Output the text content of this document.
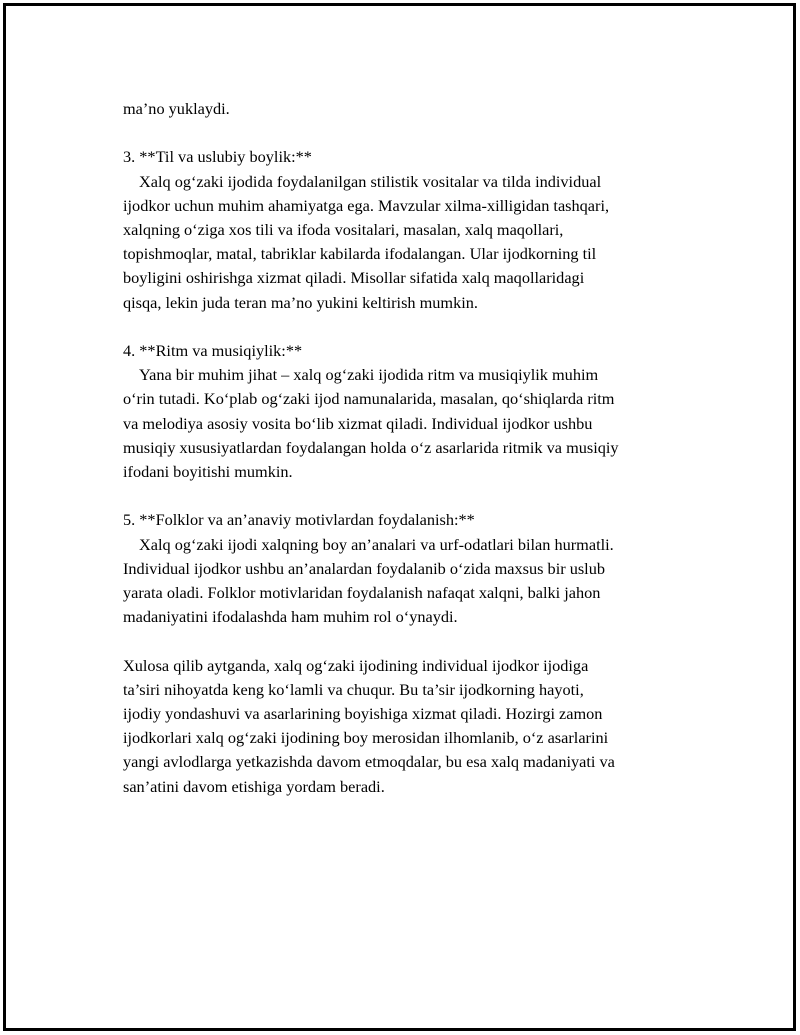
ma’no yuklaydi.
3. **Til va uslubiy boylik:**
Xalq og‘zaki ijodida foydalanilgan stilistik vositalar va tilda individual
ijodkor uchun muhim ahamiyatga ega. Mavzular xilma-xilligidan tashqari,
xalqning o‘ziga xos tili va ifoda vositalari, masalan, xalq maqollari,
topishmoqlar, matal, tabriklar kabilarda ifodalangan. Ular ijodkorning til
boyligini oshirishga xizmat qiladi. Misollar sifatida xalq maqollaridagi
qisqa, lekin juda teran ma’no yukini keltirish mumkin.
4. **Ritm va musiqiylik:**
Yana bir muhim jihat – xalq og‘zaki ijodida ritm va musiqiylik muhim
o‘rin tutadi. Ko‘plab og‘zaki ijod namunalarida, masalan, qo‘shiqlarda ritm
va melodiya asosiy vosita bo‘lib xizmat qiladi. Individual ijodkor ushbu
musiqiy xususiyatlardan foydalangan holda o‘z asarlarida ritmik va musiqiy
ifodani boyitishi mumkin.
5. **Folklor va an’anaviy motivlardan foydalanish:**
Xalq og‘zaki ijodi xalqning boy an’analari va urf-odatlari bilan hurmatli.
Individual ijodkor ushbu an’analardan foydalanib o‘zida maxsus bir uslub
yarata oladi. Folklor motivlaridan foydalanish nafaqat xalqni, balki jahon
madaniyatini ifodalashda ham muhim rol o‘ynaydi.
Xulosa qilib aytganda, xalq og‘zaki ijodining individual ijodkor ijodiga
ta’siri nihoyatda keng ko‘lamli va chuqur. Bu ta’sir ijodkorning hayoti,
ijodiy yondashuvi va asarlarining boyishiga xizmat qiladi. Hozirgi zamon
ijodkorlari xalq og‘zaki ijodining boy merosidan ilhomlanib, o‘z asarlarini
yangi avlodlarga yetkazishda davom etmoqdalar, bu esa xalq madaniyati va
san’atini davom etishiga yordam beradi.
